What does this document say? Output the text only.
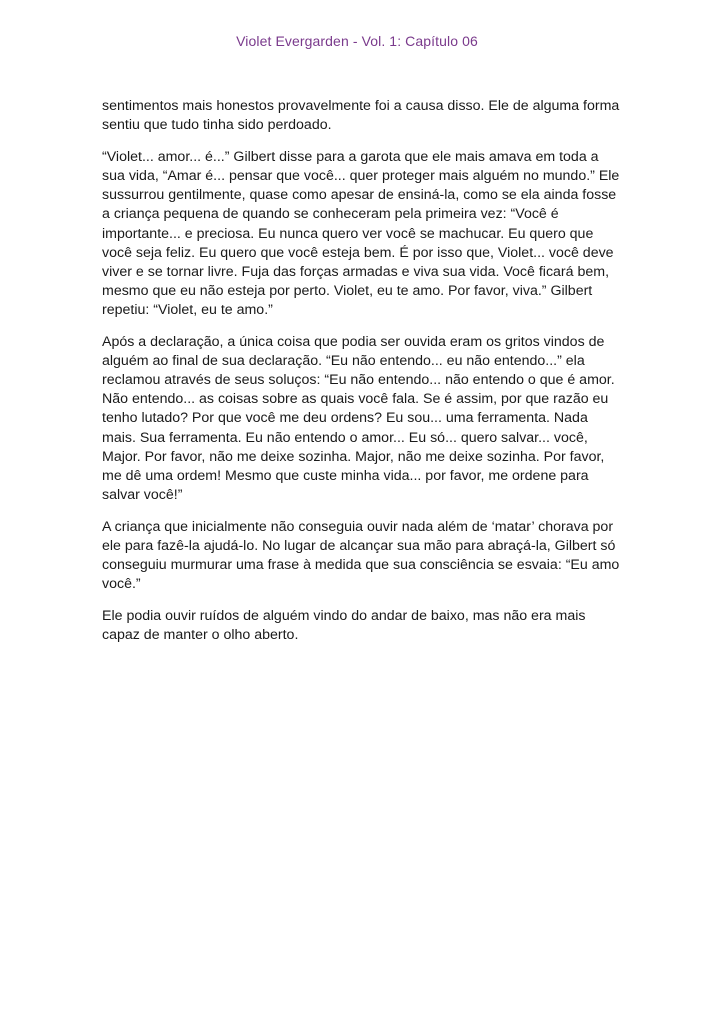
Violet Evergarden - Vol. 1: Capítulo 06

sentimentos mais honestos provavelmente foi a causa disso. Ele de alguma forma sentiu que tudo tinha sido perdoado.

“Violet... amor... é...” Gilbert disse para a garota que ele mais amava em toda a sua vida, “Amar é... pensar que você... quer proteger mais alguém no mundo.” Ele sussurrou gentilmente, quase como apesar de ensiná-la, como se ela ainda fosse a criança pequena de quando se conheceram pela primeira vez: “Você é importante... e preciosa. Eu nunca quero ver você se machucar. Eu quero que você seja feliz. Eu quero que você esteja bem. É por isso que, Violet... você deve viver e se tornar livre. Fuja das forças armadas e viva sua vida. Você ficará bem, mesmo que eu não esteja por perto. Violet, eu te amo. Por favor, viva.” Gilbert repetiu: “Violet, eu te amo.”

Após a declaração, a única coisa que podia ser ouvida eram os gritos vindos de alguém ao final de sua declaração. “Eu não entendo... eu não entendo...” ela reclamou através de seus soluços: “Eu não entendo... não entendo o que é amor. Não entendo... as coisas sobre as quais você fala. Se é assim, por que razão eu tenho lutado? Por que você me deu ordens? Eu sou... uma ferramenta. Nada mais. Sua ferramenta. Eu não entendo o amor... Eu só... quero salvar... você, Major. Por favor, não me deixe sozinha. Major, não me deixe sozinha. Por favor, me dê uma ordem! Mesmo que custe minha vida... por favor, me ordene para salvar você!”

A criança que inicialmente não conseguia ouvir nada além de ‘matar’ chorava por ele para fazê-la ajudá-lo. No lugar de alcançar sua mão para abraçá-la, Gilbert só conseguiu murmurar uma frase à medida que sua consciência se esvaia: “Eu amo você.”

Ele podia ouvir ruídos de alguém vindo do andar de baixo, mas não era mais capaz de manter o olho aberto.
